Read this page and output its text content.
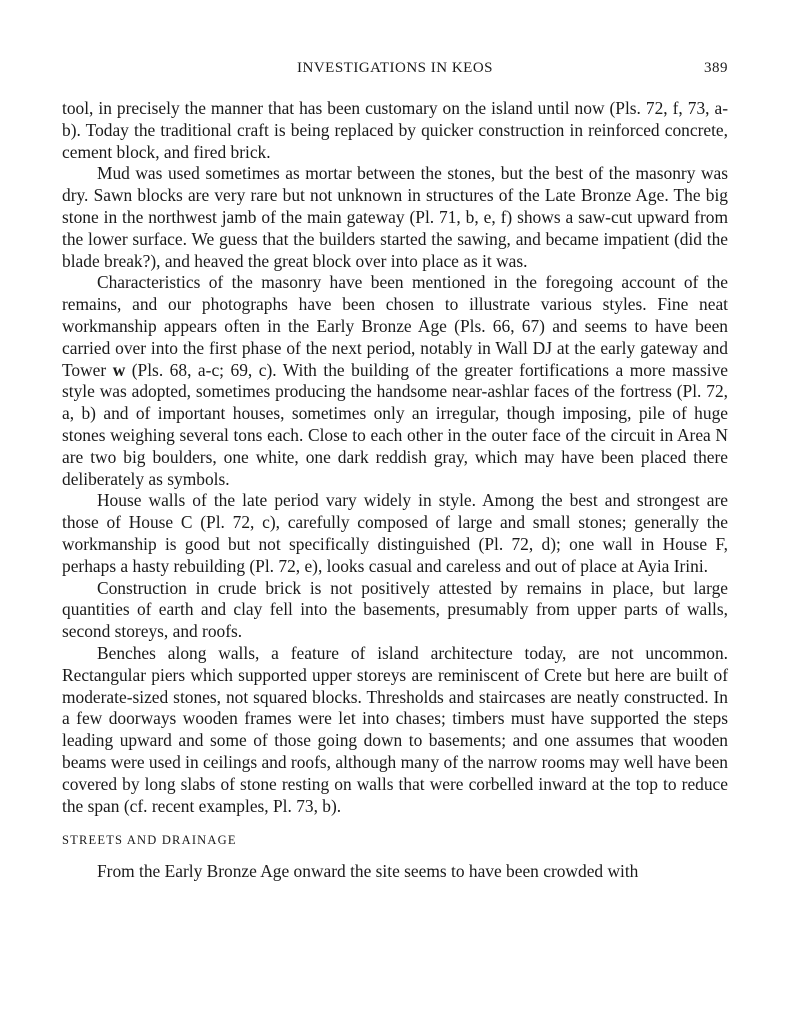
INVESTIGATIONS IN KEOS	389

tool, in precisely the manner that has been customary on the island until now (Pls. 72, f, 73, a-b). Today the traditional craft is being replaced by quicker construction in reinforced concrete, cement block, and fired brick.

Mud was used sometimes as mortar between the stones, but the best of the masonry was dry. Sawn blocks are very rare but not unknown in structures of the Late Bronze Age. The big stone in the northwest jamb of the main gateway (Pl. 71, b, e, f) shows a saw-cut upward from the lower surface. We guess that the builders started the sawing, and became impatient (did the blade break?), and heaved the great block over into place as it was.

Characteristics of the masonry have been mentioned in the foregoing account of the remains, and our photographs have been chosen to illustrate various styles. Fine neat workmanship appears often in the Early Bronze Age (Pls. 66, 67) and seems to have been carried over into the first phase of the next period, notably in Wall DJ at the early gateway and Tower w (Pls. 68, a-c; 69, c). With the building of the greater fortifications a more massive style was adopted, sometimes producing the handsome near-ashlar faces of the fortress (Pl. 72, a, b) and of important houses, sometimes only an irregular, though imposing, pile of huge stones weighing several tons each. Close to each other in the outer face of the circuit in Area N are two big boulders, one white, one dark reddish gray, which may have been placed there deliberately as symbols.

House walls of the late period vary widely in style. Among the best and strongest are those of House C (Pl. 72, c), carefully composed of large and small stones; generally the workmanship is good but not specifically distinguished (Pl. 72, d); one wall in House F, perhaps a hasty rebuilding (Pl. 72, e), looks casual and careless and out of place at Ayia Irini.

Construction in crude brick is not positively attested by remains in place, but large quantities of earth and clay fell into the basements, presumably from upper parts of walls, second storeys, and roofs.

Benches along walls, a feature of island architecture today, are not uncommon. Rectangular piers which supported upper storeys are reminiscent of Crete but here are built of moderate-sized stones, not squared blocks. Thresholds and staircases are neatly constructed. In a few doorways wooden frames were let into chases; timbers must have supported the steps leading upward and some of those going down to basements; and one assumes that wooden beams were used in ceilings and roofs, although many of the narrow rooms may well have been covered by long slabs of stone resting on walls that were corbelled inward at the top to reduce the span (cf. recent examples, Pl. 73, b).

STREETS AND DRAINAGE

From the Early Bronze Age onward the site seems to have been crowded with
